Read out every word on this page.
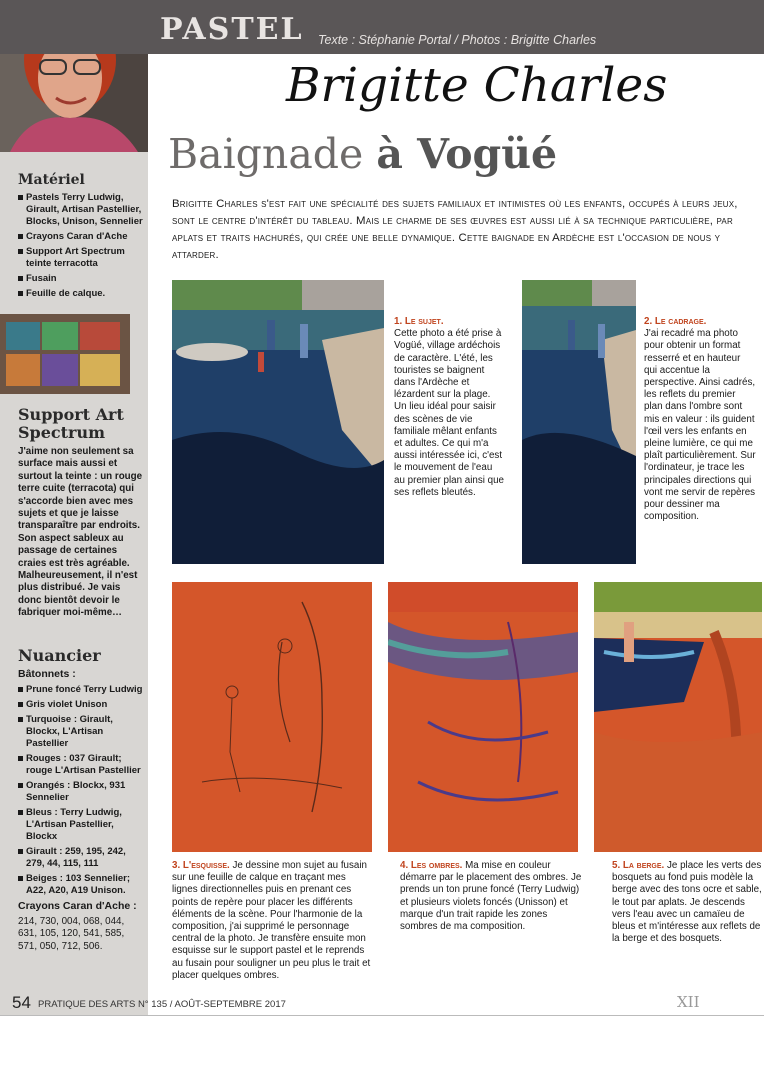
Matériel
Pastels Terry Ludwig, Girault, Artisan Pastellier, Blocks, Unison, Sennelier
Crayons Caran d'Ache
Support Art Spectrum teinte terracotta
Fusain
Feuille de calque.
Support Art Spectrum

J'aime non seulement sa surface mais aussi et surtout la teinte : un rouge terre cuite (terracota) qui s'accorde bien avec mes sujets et que je laisse transparaître par endroits. Son aspect sableux au passage de certaines craies est très agréable. Malheureusement, il n'est plus distribué. Je vais donc bientôt devoir le fabriquer moi-même…

Nuancier
Bâtonnets :
Prune foncé Terry Ludwig
Gris violet Unison
Turquoise : Girault, Blockx, L'Artisan Pastellier
Rouges : 037 Girault; rouge L'Artisan Pastellier
Orangés : Blockx, 931 Sennelier
Bleus : Terry Ludwig, L'Artisan Pastellier, Blockx
Girault : 259, 195, 242, 279, 44, 115, 111
Beiges : 103 Sennelier; A22, A20, A19 Unison.
Crayons Caran d'Ache :

214, 730, 004, 068, 044, 631, 105, 120, 541, 585, 571, 050, 712, 506.

PASTEL Texte : Stéphanie Portal / Photos : Brigitte Charles
Brigitte Charles
Baignade à Vogüé

Brigitte Charles s'est fait une spécialité des sujets familiaux et intimistes où les enfants, occupés à leurs jeux, sont le centre d'intérêt du tableau. Mais le charme de ses œuvres est aussi lié à sa technique particulière, par aplats et traits hachurés, qui crée une belle dynamique. Cette baignade en Ardèche est l'occasion de nous y attarder.

1. Le sujet.
Cette photo a été prise à Vogüé, village ardéchois de caractère. L'été, les touristes se baignent dans l'Ardèche et lézardent sur la plage. Un lieu idéal pour saisir des scènes de vie familiale mêlant enfants et adultes. Ce qui m'a aussi intéressée ici, c'est le mouvement de l'eau au premier plan ainsi que ses reflets bleutés.

2. Le cadrage.
J'ai recadré ma photo pour obtenir un format resserré et en hauteur qui accentue la perspective. Ainsi cadrés, les reflets du premier plan dans l'ombre sont mis en valeur : ils guident l'œil vers les enfants en pleine lumière, ce qui me plaît particulièrement. Sur l'ordinateur, je trace les principales directions qui vont me servir de repères pour dessiner ma composition.

3. L'esquisse. Je dessine mon sujet au fusain sur une feuille de calque en traçant mes lignes directionnelles puis en prenant ces points de repère pour placer les différents éléments de la scène. Pour l'harmonie de la composition, j'ai supprimé le personnage central de la photo. Je transfère ensuite mon esquisse sur le support pastel et le reprends au fusain pour souligner un peu plus le trait et placer quelques ombres.

4. Les ombres. Ma mise en couleur démarre par le placement des ombres. Je prends un ton prune foncé (Terry Ludwig) et plusieurs violets foncés (Unisson) et marque d'un trait rapide les zones sombres de ma composition.

5. La berge. Je place les verts des bosquets au fond puis modèle la berge avec des tons ocre et sable, le tout par aplats. Je descends vers l'eau avec un camaïeu de bleus et m'intéresse aux reflets de la berge et des bosquets.

54 PRATIQUE DES ARTS N° 135 / AOÛT-SEPTEMBRE 2017	XII
